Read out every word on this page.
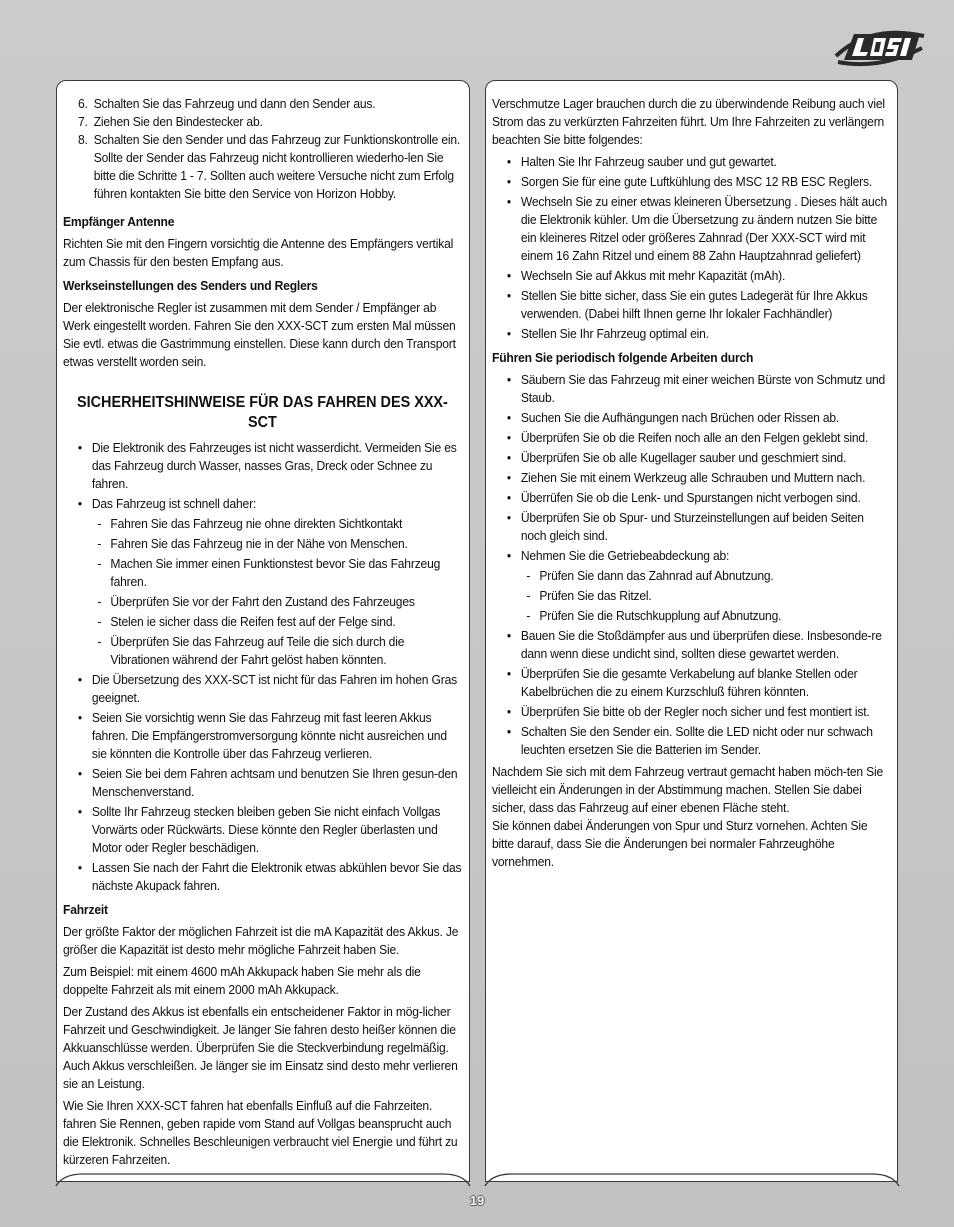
6. Schalten Sie das Fahrzeug und dann den Sender aus.
7. Ziehen Sie den Bindestecker ab.
8. Schalten Sie den Sender und das Fahrzeug zur Funktionskontrolle ein. Sollte der Sender das Fahrzeug nicht kontrollieren wiederho-len Sie bitte die Schritte 1 - 7. Sollten auch weitere Versuche nicht zum Erfolg führen kontakten Sie bitte den Service von Horizon Hobby.

Empfänger Antenne

Richten Sie mit den Fingern vorsichtig die Antenne des Empfängers vertikal zum Chassis für den besten Empfang aus.

Werkseinstellungen des Senders und Reglers

Der elektronische Regler ist zusammen mit dem Sender / Empfänger ab Werk eingestellt worden. Fahren Sie den XXX-SCT zum ersten Mal müssen Sie evtl. etwas die Gastrimmung einstellen. Diese kann durch den Transport etwas verstellt worden sein.

SICHERHEITSHINWEISE FÜR DAS FAHREN DES XXX-SCT
• Die Elektronik des Fahrzeuges ist nicht wasserdicht. Vermeiden Sie es das Fahrzeug durch Wasser, nasses Gras, Dreck oder Schnee zu fahren.
• Das Fahrzeug ist schnell daher:
- Fahren Sie das Fahrzeug nie ohne direkten Sichtkontakt
- Fahren Sie das Fahrzeug nie in der Nähe von Menschen.
- Machen Sie immer einen Funktionstest bevor Sie das Fahrzeug fahren.
- Überprüfen Sie vor der Fahrt den Zustand des Fahrzeuges
- Stelen ie sicher dass die Reifen fest auf der Felge sind.
- Überprüfen Sie das Fahrzeug auf Teile die sich durch die Vibrationen während der Fahrt gelöst haben könnten.
• Die Übersetzung des XXX-SCT ist nicht für das Fahren im hohen Gras geeignet.
• Seien Sie vorsichtig wenn Sie das Fahrzeug mit fast leeren Akkus fahren. Die Empfängerstromversorgung könnte nicht ausreichen und sie könnten die Kontrolle über das Fahrzeug verlieren.
• Seien Sie bei dem Fahren achtsam und benutzen Sie Ihren gesun-den Menschenverstand.
• Sollte Ihr Fahrzeug stecken bleiben geben Sie nicht einfach Vollgas Vorwärts oder Rückwärts. Diese könnte den Regler überlasten und Motor oder Regler beschädigen.
• Lassen Sie nach der Fahrt die Elektronik etwas abkühlen bevor Sie das nächste Akupack fahren.

Fahrzeit

Der größte Faktor der möglichen Fahrzeit ist die mA Kapazität des Akkus. Je größer die Kapazität ist desto mehr mögliche Fahrzeit haben Sie.

Zum Beispiel: mit einem 4600 mAh Akkupack haben Sie mehr als die doppelte Fahrzeit als mit einem 2000 mAh Akkupack.

Der Zustand des Akkus ist ebenfalls ein entscheidener Faktor in mög-licher Fahrzeit und Geschwindigkeit. Je länger Sie fahren desto heißer können die Akkuanschlüsse werden. Überprüfen Sie die Steckverbindung regelmäßig. Auch Akkus verschleißen. Je länger sie im Einsatz sind desto mehr verlieren sie an Leistung.

Wie Sie Ihren XXX-SCT fahren hat ebenfalls Einfluß auf die Fahrzeiten. fahren Sie Rennen, geben rapide vom Stand auf Vollgas beansprucht auch die Elektronik. Schnelles Beschleunigen verbraucht viel Energie und führt zu kürzeren Fahrzeiten.

Verschmutze Lager brauchen durch die zu überwindende Reibung auch viel Strom das zu verkürzten Fahrzeiten führt. Um Ihre Fahrzeiten zu verlängern beachten Sie bitte folgendes:

• Halten Sie Ihr Fahrzeug sauber und gut gewartet.
• Sorgen Sie für eine gute Luftkühlung des MSC 12 RB ESC Reglers.
• Wechseln Sie zu einer etwas kleineren Übersetzung . Dieses hält auch die Elektronik kühler. Um die Übersetzung zu ändern nutzen Sie bitte ein kleineres Ritzel oder größeres Zahnrad (Der XXX-SCT wird mit einem 16 Zahn Ritzel und einem 88 Zahn Hauptzahnrad geliefert)
• Wechseln Sie auf Akkus mit mehr Kapazität (mAh).
• Stellen Sie bitte sicher, dass Sie ein gutes Ladegerät für Ihre Akkus verwenden. (Dabei hilft Ihnen gerne Ihr lokaler Fachhändler)
• Stellen Sie Ihr Fahrzeug optimal ein.

Führen Sie periodisch folgende Arbeiten durch

• Säubern Sie das Fahrzeug mit einer weichen Bürste von Schmutz und Staub.
• Suchen Sie die Aufhängungen nach Brüchen oder Rissen ab.
• Überprüfen Sie ob die Reifen noch alle an den Felgen geklebt sind.
• Überprüfen Sie ob alle Kugellager sauber und geschmiert sind.
• Ziehen Sie mit einem Werkzeug alle Schrauben und Muttern nach.
• Überrüfen Sie ob die Lenk- und Spurstangen nicht verbogen sind.
• Überprüfen Sie ob Spur- und Sturzeinstellungen auf beiden Seiten noch gleich sind.
• Nehmen Sie die Getriebeabdeckung ab:
- Prüfen Sie dann das Zahnrad auf Abnutzung.
- Prüfen Sie das Ritzel.
- Prüfen Sie die Rutschkupplung auf Abnutzung.
• Bauen Sie die Stoßdämpfer aus und überprüfen diese. Insbesonde-re dann wenn diese undicht sind, sollten diese gewartet werden.
• Überprüfen Sie die gesamte Verkabelung auf blanke Stellen oder Kabelbrüchen die zu einem Kurzschluß führen könnten.
• Überprüfen Sie bitte ob der Regler noch sicher und fest montiert ist.
• Schalten Sie den Sender ein. Sollte die LED nicht oder nur schwach leuchten ersetzen Sie die Batterien im Sender.

Nachdem Sie sich mit dem Fahrzeug vertraut gemacht haben möch-ten Sie vielleicht ein Änderungen in der Abstimmung machen. Stellen Sie dabei sicher, dass das Fahrzeug auf einer ebenen Fläche steht.

Sie können dabei Änderungen von Spur und Sturz vornehen. Achten Sie bitte darauf, dass Sie die Änderungen bei normaler Fahrzeughöhe vornehmen.

19
